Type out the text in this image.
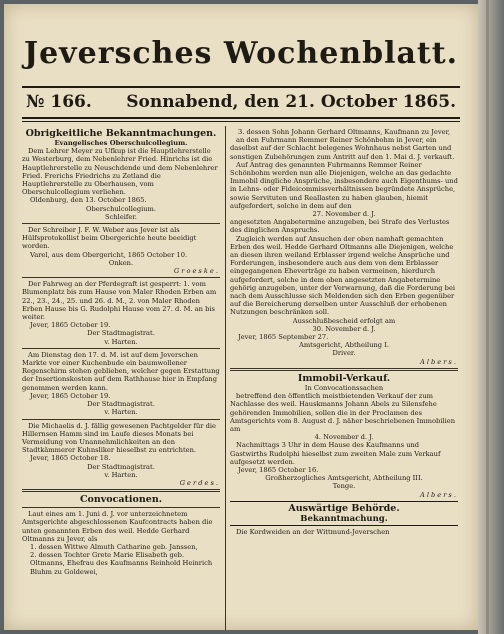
Jeversches Wochenblatt.
№ 166. Sonnabend, den 21. October 1865.
Obrigkeitliche Bekanntmachungen.
Evangelisches Oberschulcollegium.

Dem Lehrer Meyer zu Ufkup ist die Hauptlehrerstelle zu Westerburg, dem Nebenlehrer Fried. Hinrichs ist die Hauptlehrerstelle zu Neuschdende und dem Nebenlehrer Fried. Frerichs Friedrichs zu Zetland die Hauptlehrerstelle zu Oberhausen, vom Oberschulcollegium verliehen.

Oldenburg, den 13. October 1865.
Oberschulcollegium.
Schleifer.

Der Schreiber J. F. W. Weber aus Jever ist als Hülfsprotokollist beim Obergerichte heute beeidigt worden.

Varel, aus dem Obergericht, 1865 October 10.
Onken.
Groeske.

Der Fahrweg an der Pferdegraft ist gesperrt: 1. vom Blumenplatz bis zum Hause von Maler Rhoden Erben am 22., 23., 24., 25. und 26. d. M., 2. von Maler Rhoden Erben Hause bis G. Rudolphi Hause vom 27. d. M. an bis weiter.

Jever, 1865 October 19.
Der Stadtmagistrat.
v. Harten.

Am Dienstag den 17. d. M. ist auf dem Jeverschen Markte vor einer Kuchenbude ein baumwollener Regenschirm stehen geblieben, welcher gegen Erstattung der Insertionskosten auf dem Rathhause hier in Empfang genommen werden kann.

Jever, 1865 October 19.
Der Stadtmagistrat.
v. Harten.

Die Michaelis d. J. fällig gewesenen Pachtgelder für die Hillernsen Hamm sind im Laufe dieses Monats bei Vermeidung von Unannehmlichkeiten an den Stadtkämmerer Kuhnsliker hieselbst zu entrichten.

Jever, 1865 October 18.
Der Stadtmagistrat.
v. Harten.
Gerdes.
Convocationen.

Laut eines am 1. Juni d. J. vor unterzeichnetem Amtsgerichte abgeschlossenen Kaufcontracts haben die unten genannten Erben des weil. Hedde Gerhard Oltmanns zu Jever, als

1. dessen Wittwe Almuth Catharine geb. Janssen,
2. dessen Tochter Grete Marie Elisabeth geb. Oltmanns, Ehefrau des Kaufmanns Reinhold Heinrich Bluhm zu Goldewei,
3. dessen Sohn Johann Gerhard Oltmanns, Kaufmann zu Jever,

an den Fuhrmann Remmer Reiner Schönbohm in Jever, ein daselbst auf der Schlacht belegenes Wohnhaus nebst Garten und sonstigen Zubehörungen zum Antritt auf den 1. Mai d. J. verkauft.

Auf Antrag des genannten Fuhrmanns Remmer Reiner Schönbohm werden nun alle Diejenigen, welche an das gedachte Immobil dingliche Ansprüche, insbesondere auch Eigenthums- und in Lehns- oder Fideicommissverhältnissen begründete Ansprüche, sowie Servituten und Reallasten zu haben glauben, hiemit aufgefordert, solche in dem auf den

27. November d. J.

angesetzten Angabetermine anzugeben, bei Strafe des Verlustes des dinglichen Anspruchs.

Zugleich werden auf Ansuchen der oben namhaft gemachten Erben des weil. Hedde Gerhard Oltmanns alle Diejenigen, welche an diesen ihren weiland Erblasser irgend welche Ansprüche und Forderungen, insbesondere auch aus dem von dem Erblasser eingegangenen Eheverträge zu haben vermeinen, hierdurch aufgefordert, solche in dem oben angesetzten Angabetermine gehörig anzugeben, unter der Verwarnung, daß die Forderung bei nach dem Ausschlusse sich Meldenden sich den Erben gegenüber auf die Bereicherung derselben unter Ausschluß der erhobenen Nutzungen beschränken soll.

Ausschlußbescheid erfolgt am
30. November d. J.
Jever, 1865 September 27.
Amtsgericht, Abtheilung I.
Driver.
Albers.
Immobil-Verkauf.
In Convocationssachen

betreffend den öffentlich meistbietenden Verkauf der zum Nachlasse des weil. Hauskmanns Johann Abels zu Silensfehe gehörenden Immobilien, sollen die in der Proclamen des Amtsgerichts vom 8. August d. J. näher beschriebenen Immobilien am

4. November d. J.

Nachmittags 3 Uhr in dem Hause des Kaufmanns und Gastwirths Rudolphi hieselbst zum zweiten Male zum Verkauf aufgesetzt werden.

Jever, 1865 October 16.
Großherzogliches Amtsgericht, Abtheilung III.
Tenge.
Albers.
Auswärtige Behörde.
Bekanntmachung.

Die Kordweiden an der Wittmund-Jeverschen
